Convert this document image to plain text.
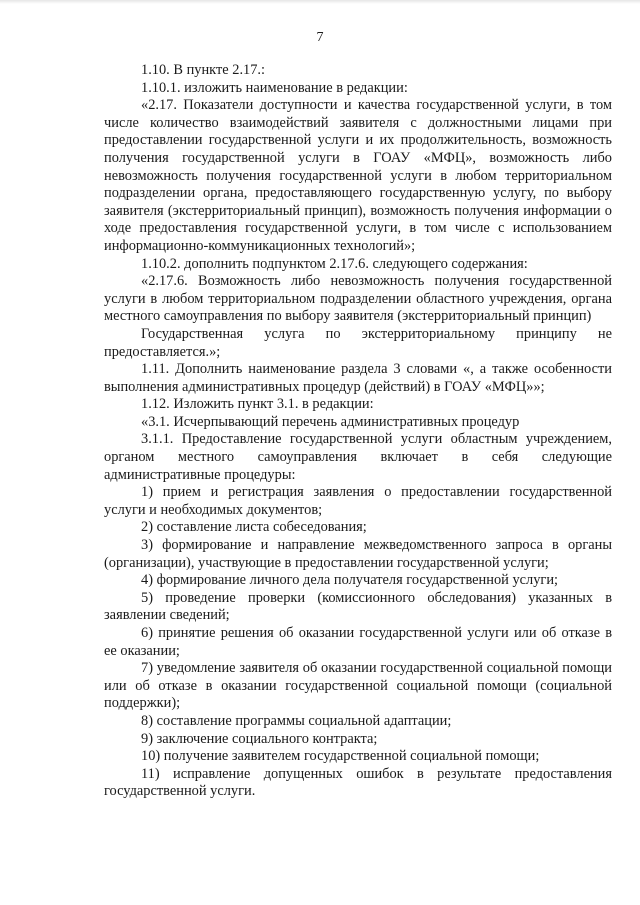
7

1.10. В пункте 2.17.:

1.10.1. изложить наименование в редакции:

«2.17. Показатели доступности и качества государственной услуги, в том числе количество взаимодействий заявителя с должностными лицами при предоставлении государственной услуги и их продолжительность, возможность получения государственной услуги в ГОАУ «МФЦ», возможность либо невозможность получения государственной услуги в любом территориальном подразделении органа, предоставляющего государственную услугу, по выбору заявителя (экстерриториальный принцип), возможность получения информации о ходе предоставления государственной услуги, в том числе с использованием информационно-коммуникационных технологий»;

1.10.2. дополнить подпунктом 2.17.6. следующего содержания:

«2.17.6. Возможность либо невозможность получения государственной услуги в любом территориальном подразделении областного учреждения, органа местного самоуправления по выбору заявителя (экстерриториальный принцип)

Государственная услуга по экстерриториальному принципу не предоставляется.»;

1.11. Дополнить наименование раздела 3 словами «, а также особенности выполнения административных процедур (действий) в ГОАУ «МФЦ»»;

1.12. Изложить пункт 3.1. в редакции:

«3.1. Исчерпывающий перечень административных процедур

3.1.1. Предоставление государственной услуги областным учреждением, органом местного самоуправления включает в себя следующие административные процедуры:

1) прием и регистрация заявления о предоставлении государственной услуги и необходимых документов;

2) составление листа собеседования;

3) формирование и направление межведомственного запроса в органы (организации), участвующие в предоставлении государственной услуги;

4) формирование личного дела получателя государственной услуги;

5) проведение проверки (комиссионного обследования) указанных в заявлении сведений;

6) принятие решения об оказании государственной услуги или об отказе в ее оказании;

7) уведомление заявителя об оказании государственной социальной помощи или об отказе в оказании государственной социальной помощи (социальной поддержки);

8) составление программы социальной адаптации;

9) заключение социального контракта;

10) получение заявителем государственной социальной помощи;

11) исправление допущенных ошибок в результате предоставления государственной услуги.
